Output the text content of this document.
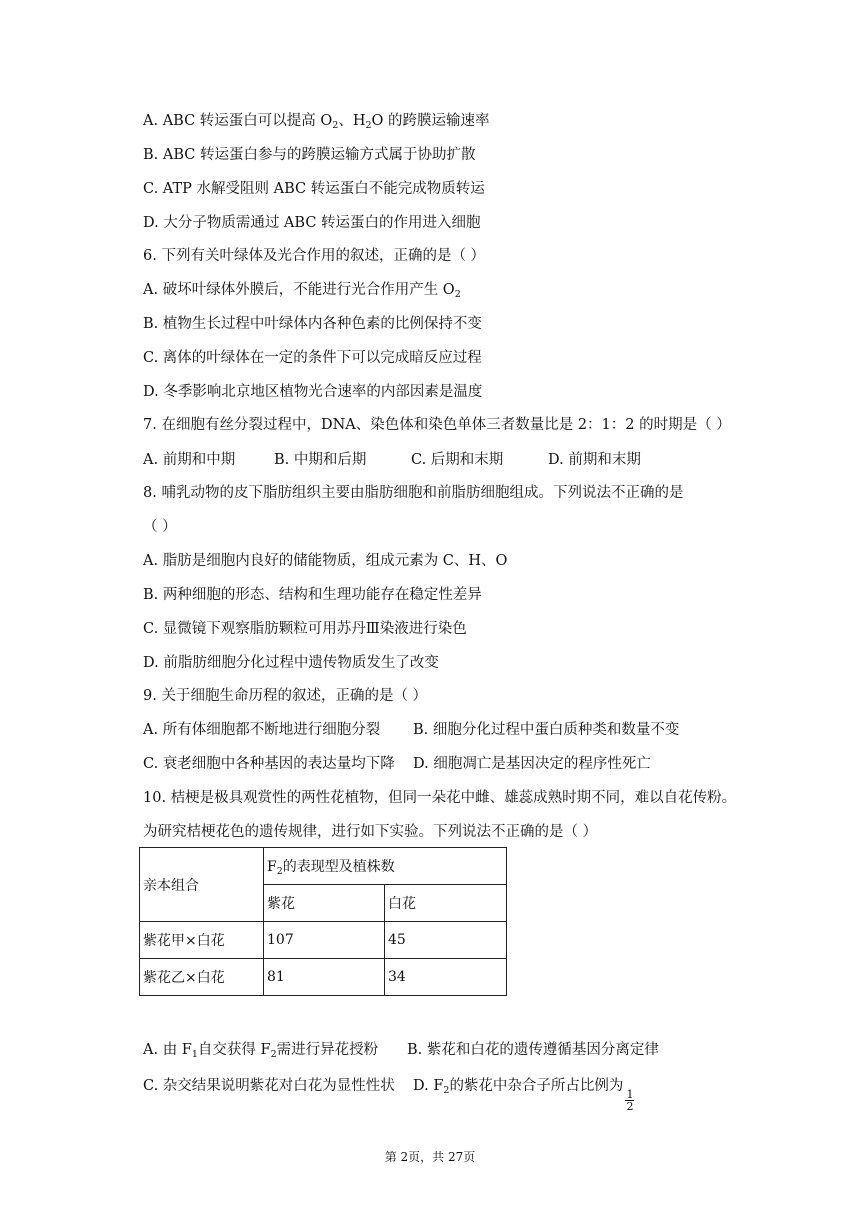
A. ABC 转运蛋白可以提高 $O_2$、$H_2O$ 的跨膜运输速率
B. ABC 转运蛋白参与的跨膜运输方式属于协助扩散
C. ATP 水解受阻则 ABC 转运蛋白不能完成物质转运
D. 大分子物质需通过 ABC 转运蛋白的作用进入细胞
6. 下列有关叶绿体及光合作用的叙述，正确的是（ ）
A. 破坏叶绿体外膜后，不能进行光合作用产生 $O_2$
B. 植物生长过程中叶绿体内各种色素的比例保持不变
C. 离体的叶绿体在一定的条件下可以完成暗反应过程
D. 冬季影响北京地区植物光合速率的内部因素是温度
7. 在细胞有丝分裂过程中，DNA、染色体和染色单体三者数量比是 2：1：2 的时期是（ ）
A. 前期和中期	B. 中期和后期	C. 后期和末期	D. 前期和末期
8. 哺乳动物的皮下脂肪组织主要由脂肪细胞和前脂肪细胞组成。下列说法不正确的是
（ ）
A. 脂肪是细胞内良好的储能物质，组成元素为 C、H、O
B. 两种细胞的形态、结构和生理功能存在稳定性差异
C. 显微镜下观察脂肪颗粒可用苏丹Ⅲ染液进行染色
D. 前脂肪细胞分化过程中遗传物质发生了改变
9. 关于细胞生命历程的叙述，正确的是（ ）
A. 所有体细胞都不断地进行细胞分裂 B. 细胞分化过程中蛋白质种类和数量不变
C. 衰老细胞中各种基因的表达量均下降 D. 细胞凋亡是基因决定的程序性死亡
10. 桔梗是极具观赏性的两性花植物，但同一朵花中雌、雄蕊成熟时期不同，难以自花传粉。
为研究桔梗花色的遗传规律，进行如下实验。下列说法不正确的是（ ）
亲本组合	$F_2$的表现型及植株数	
	紫花	白花
紫花甲×白花	107	45
紫花乙×白花	81	34
A. 由 $F_1$自交获得 $F_2$需进行异花授粉 B. 紫花和白花的遗传遵循基因分离定律
C. 杂交结果说明紫花对白花为显性性状 D. $F_2$的紫花中杂合子所占比例为
$\frac{1}{2}$
第 2页，共 27页
